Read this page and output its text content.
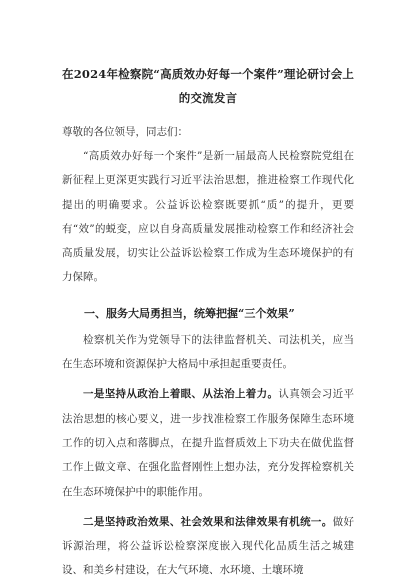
在2024年检察院“高质效办好每一个案件”理论研讨会上
的交流发言

尊敬的各位领导，同志们：

“高质效办好每一个案件”是新一届最高人民检察院党组在新征程上更深更实践行习近平法治思想，推进检察工作现代化提出的明确要求。公益诉讼检察既要抓“质”的提升，更要有“效”的蜕变，应以自身高质量发展推动检察工作和经济社会高质量发展，切实让公益诉讼检察工作成为生态环境保护的有力保障。

一、服务大局勇担当，统筹把握“三个效果”

检察机关作为党领导下的法律监督机关、司法机关，应当在生态环境和资源保护大格局中承担起重要责任。

一是坚持从政治上着眼、从法治上着力。认真领会习近平法治思想的核心要义，进一步找准检察工作服务保障生态环境工作的切入点和落脚点，在提升监督质效上下功夫在做优监督工作上做文章、在强化监督刚性上想办法，充分发挥检察机关在生态环境保护中的职能作用。

二是坚持政治效果、社会效果和法律效果有机统一。做好诉源治理，将公益诉讼检察深度嵌入现代化品质生活之城建设、和美乡村建设，在大气环境、水环境、土壤环境
